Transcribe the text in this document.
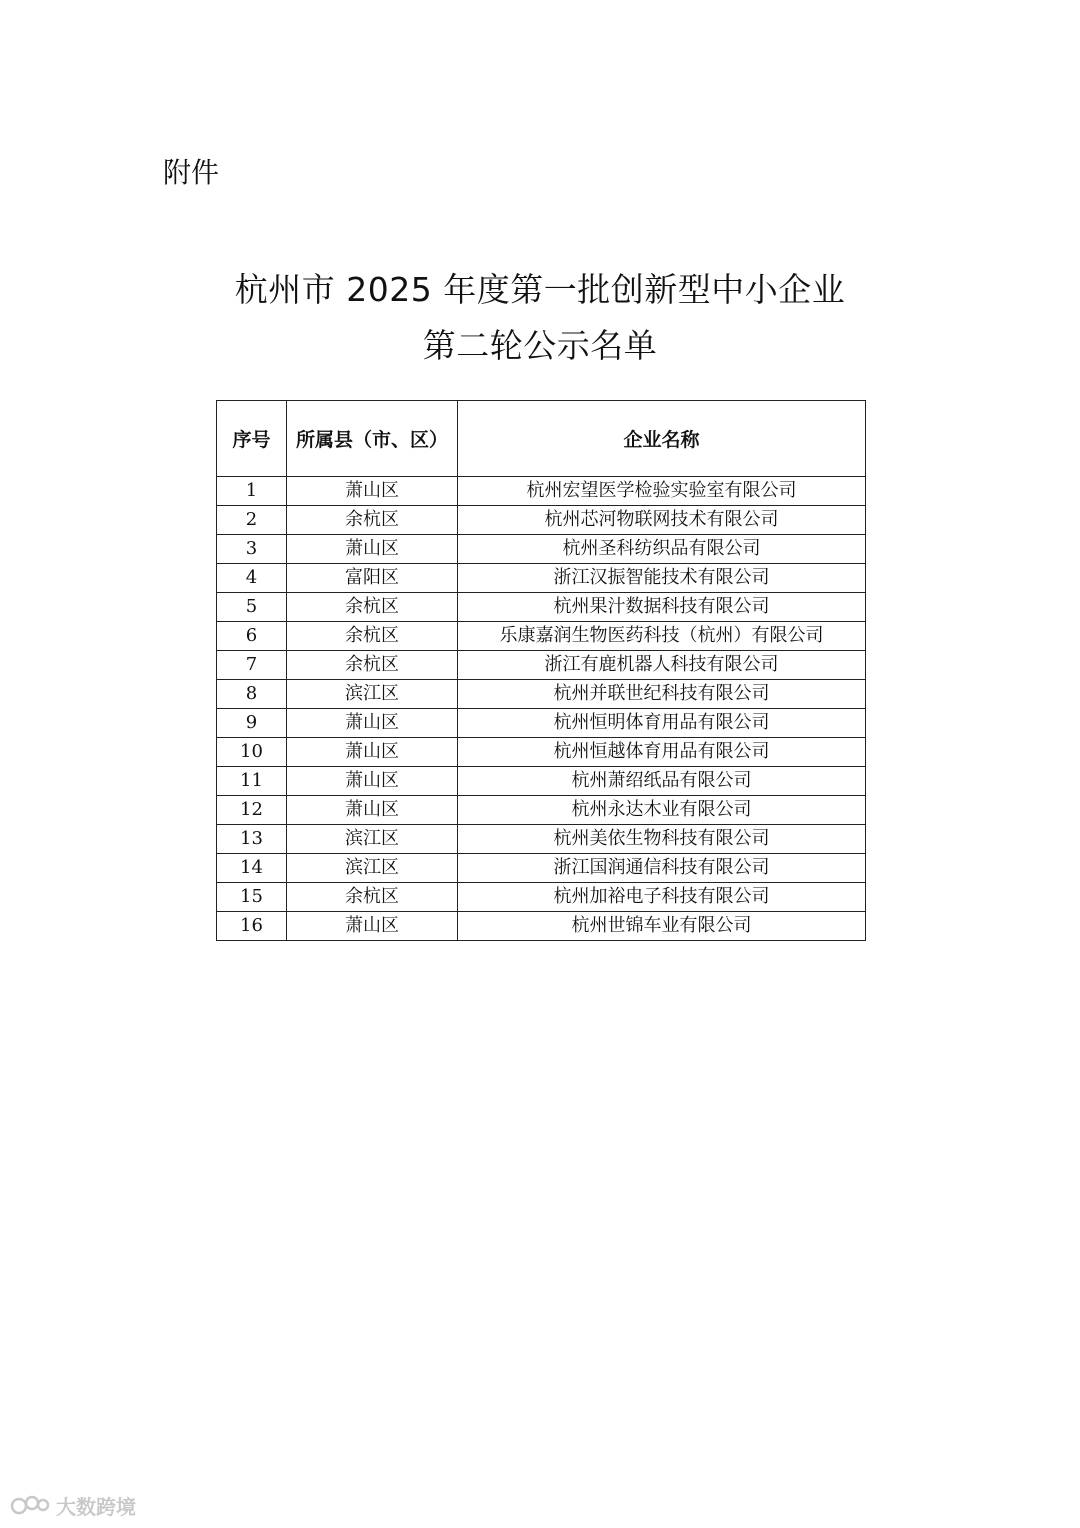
附件
杭州市 2025 年度第一批创新型中小企业
第二轮公示名单
序号	所属县（市、区）	企业名称
1	萧山区	杭州宏望医学检验实验室有限公司
2	余杭区	杭州芯河物联网技术有限公司
3	萧山区	杭州圣科纺织品有限公司
4	富阳区	浙江汉振智能技术有限公司
5	余杭区	杭州果汁数据科技有限公司
6	余杭区	乐康嘉润生物医药科技（杭州）有限公司
7	余杭区	浙江有鹿机器人科技有限公司
8	滨江区	杭州并联世纪科技有限公司
9	萧山区	杭州恒明体育用品有限公司
10	萧山区	杭州恒越体育用品有限公司
11	萧山区	杭州萧绍纸品有限公司
12	萧山区	杭州永达木业有限公司
13	滨江区	杭州美依生物科技有限公司
14	滨江区	浙江国润通信科技有限公司
15	余杭区	杭州加裕电子科技有限公司
16	萧山区	杭州世锦车业有限公司
大数跨境
